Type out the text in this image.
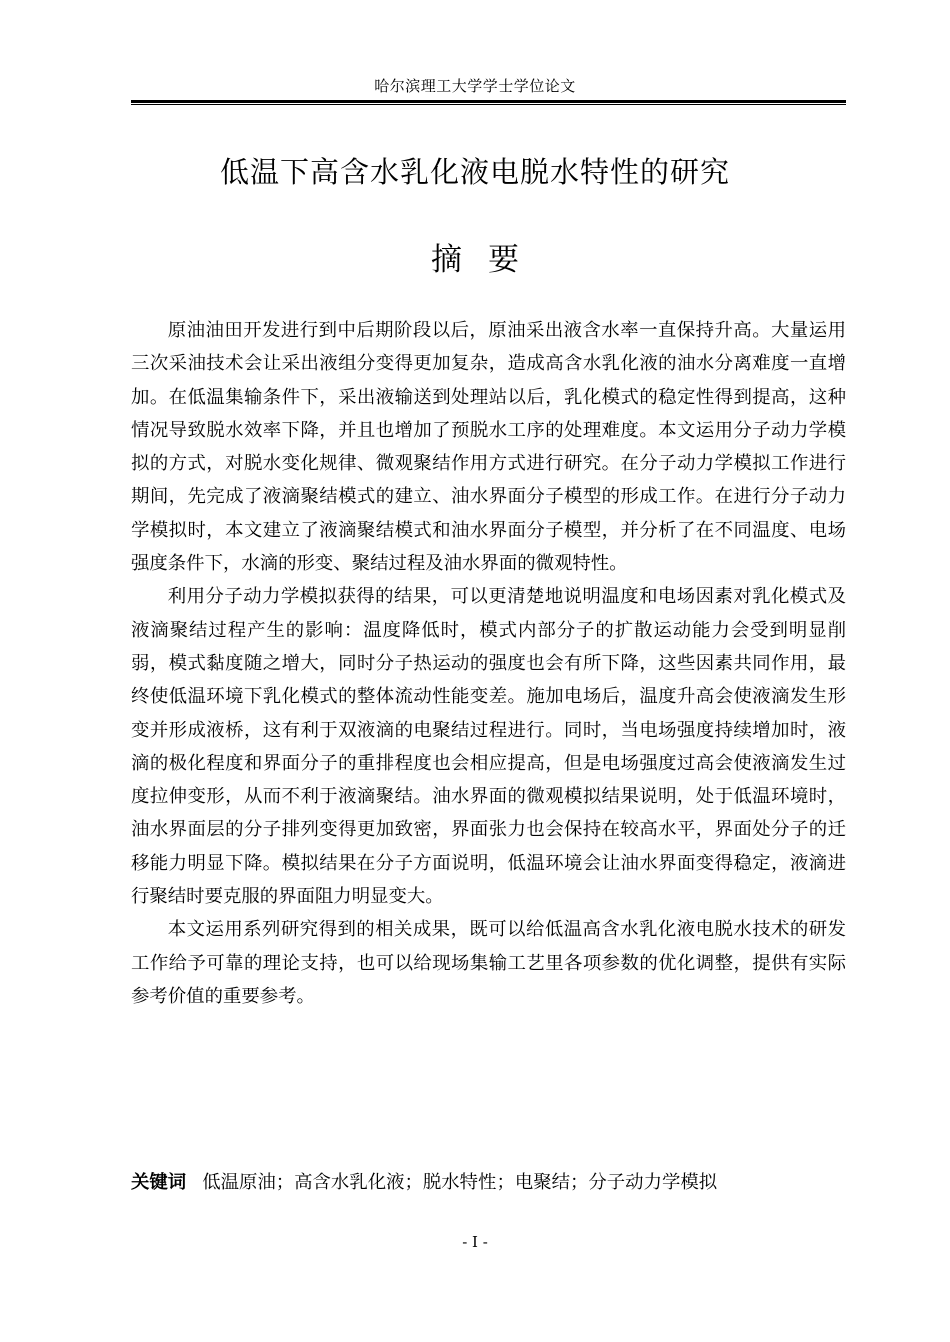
哈尔滨理工大学学士学位论文
低温下高含水乳化液电脱水特性的研究
摘要

原油油田开发进行到中后期阶段以后，原油采出液含水率一直保持升高。大量运用三次采油技术会让采出液组分变得更加复杂，造成高含水乳化液的油水分离难度一直增加。在低温集输条件下，采出液输送到处理站以后，乳化模式的稳定性得到提高，这种情况导致脱水效率下降，并且也增加了预脱水工序的处理难度。本文运用分子动力学模拟的方式，对脱水变化规律、微观聚结作用方式进行研究。在分子动力学模拟工作进行期间，先完成了液滴聚结模式的建立、油水界面分子模型的形成工作。在进行分子动力学模拟时，本文建立了液滴聚结模式和油水界面分子模型，并分析了在不同温度、电场强度条件下，水滴的形变、聚结过程及油水界面的微观特性。

利用分子动力学模拟获得的结果，可以更清楚地说明温度和电场因素对乳化模式及液滴聚结过程产生的影响：温度降低时，模式内部分子的扩散运动能力会受到明显削弱，模式黏度随之增大，同时分子热运动的强度也会有所下降，这些因素共同作用，最终使低温环境下乳化模式的整体流动性能变差。施加电场后，温度升高会使液滴发生形变并形成液桥，这有利于双液滴的电聚结过程进行。同时，当电场强度持续增加时，液滴的极化程度和界面分子的重排程度也会相应提高，但是电场强度过高会使液滴发生过度拉伸变形，从而不利于液滴聚结。油水界面的微观模拟结果说明，处于低温环境时，油水界面层的分子排列变得更加致密，界面张力也会保持在较高水平，界面处分子的迁移能力明显下降。模拟结果在分子方面说明，低温环境会让油水界面变得稳定，液滴进行聚结时要克服的界面阻力明显变大。

本文运用系列研究得到的相关成果，既可以给低温高含水乳化液电脱水技术的研发工作给予可靠的理论支持，也可以给现场集输工艺里各项参数的优化调整，提供有实际参考价值的重要参考。

关键词 低温原油；高含水乳化液；脱水特性；电聚结；分子动力学模拟
- I -
